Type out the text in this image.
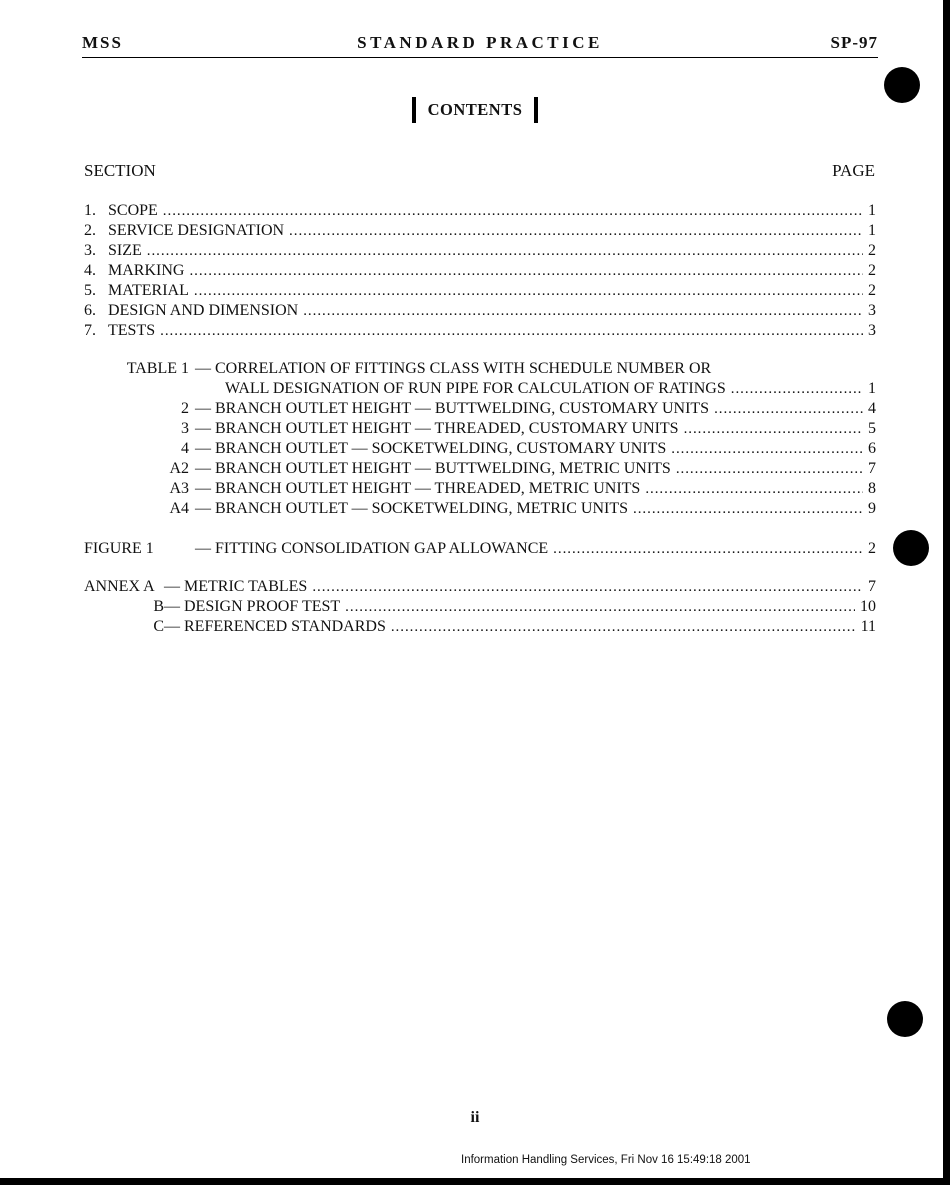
MSS	STANDARD PRACTICE	SP-97
CONTENTS
SECTION	PAGE
1. SCOPE . . .	1
2. SERVICE DESIGNATION . . .	1
3. SIZE . . .	2
4. MARKING . . .	2
5. MATERIAL . . .	2
6. DESIGN AND DIMENSION . . .	3
7. TESTS . . .	3
TABLE 1 — CORRELATION OF FITTINGS CLASS WITH SCHEDULE NUMBER OR
WALL DESIGNATION OF RUN PIPE FOR CALCULATION OF RATINGS . . .	1
2 — BRANCH OUTLET HEIGHT — BUTTWELDING, CUSTOMARY UNITS . . .	4
3 — BRANCH OUTLET HEIGHT — THREADED, CUSTOMARY UNITS . . .	5
4 — BRANCH OUTLET — SOCKETWELDING, CUSTOMARY UNITS . . .	6
A2 — BRANCH OUTLET HEIGHT — BUTTWELDING, METRIC UNITS . . .	7
A3 — BRANCH OUTLET HEIGHT — THREADED, METRIC UNITS . . .	8
A4 — BRANCH OUTLET — SOCKETWELDING, METRIC UNITS . . .	9
FIGURE 1	— FITTING CONSOLIDATION GAP ALLOWANCE . . .	2
ANNEX A — METRIC TABLES . . .	7
B— DESIGN PROOF TEST . . .	10
C— REFERENCED STANDARDS . . .	11
ii
Information Handling Services, Fri Nov 16 15:49:18 2001
